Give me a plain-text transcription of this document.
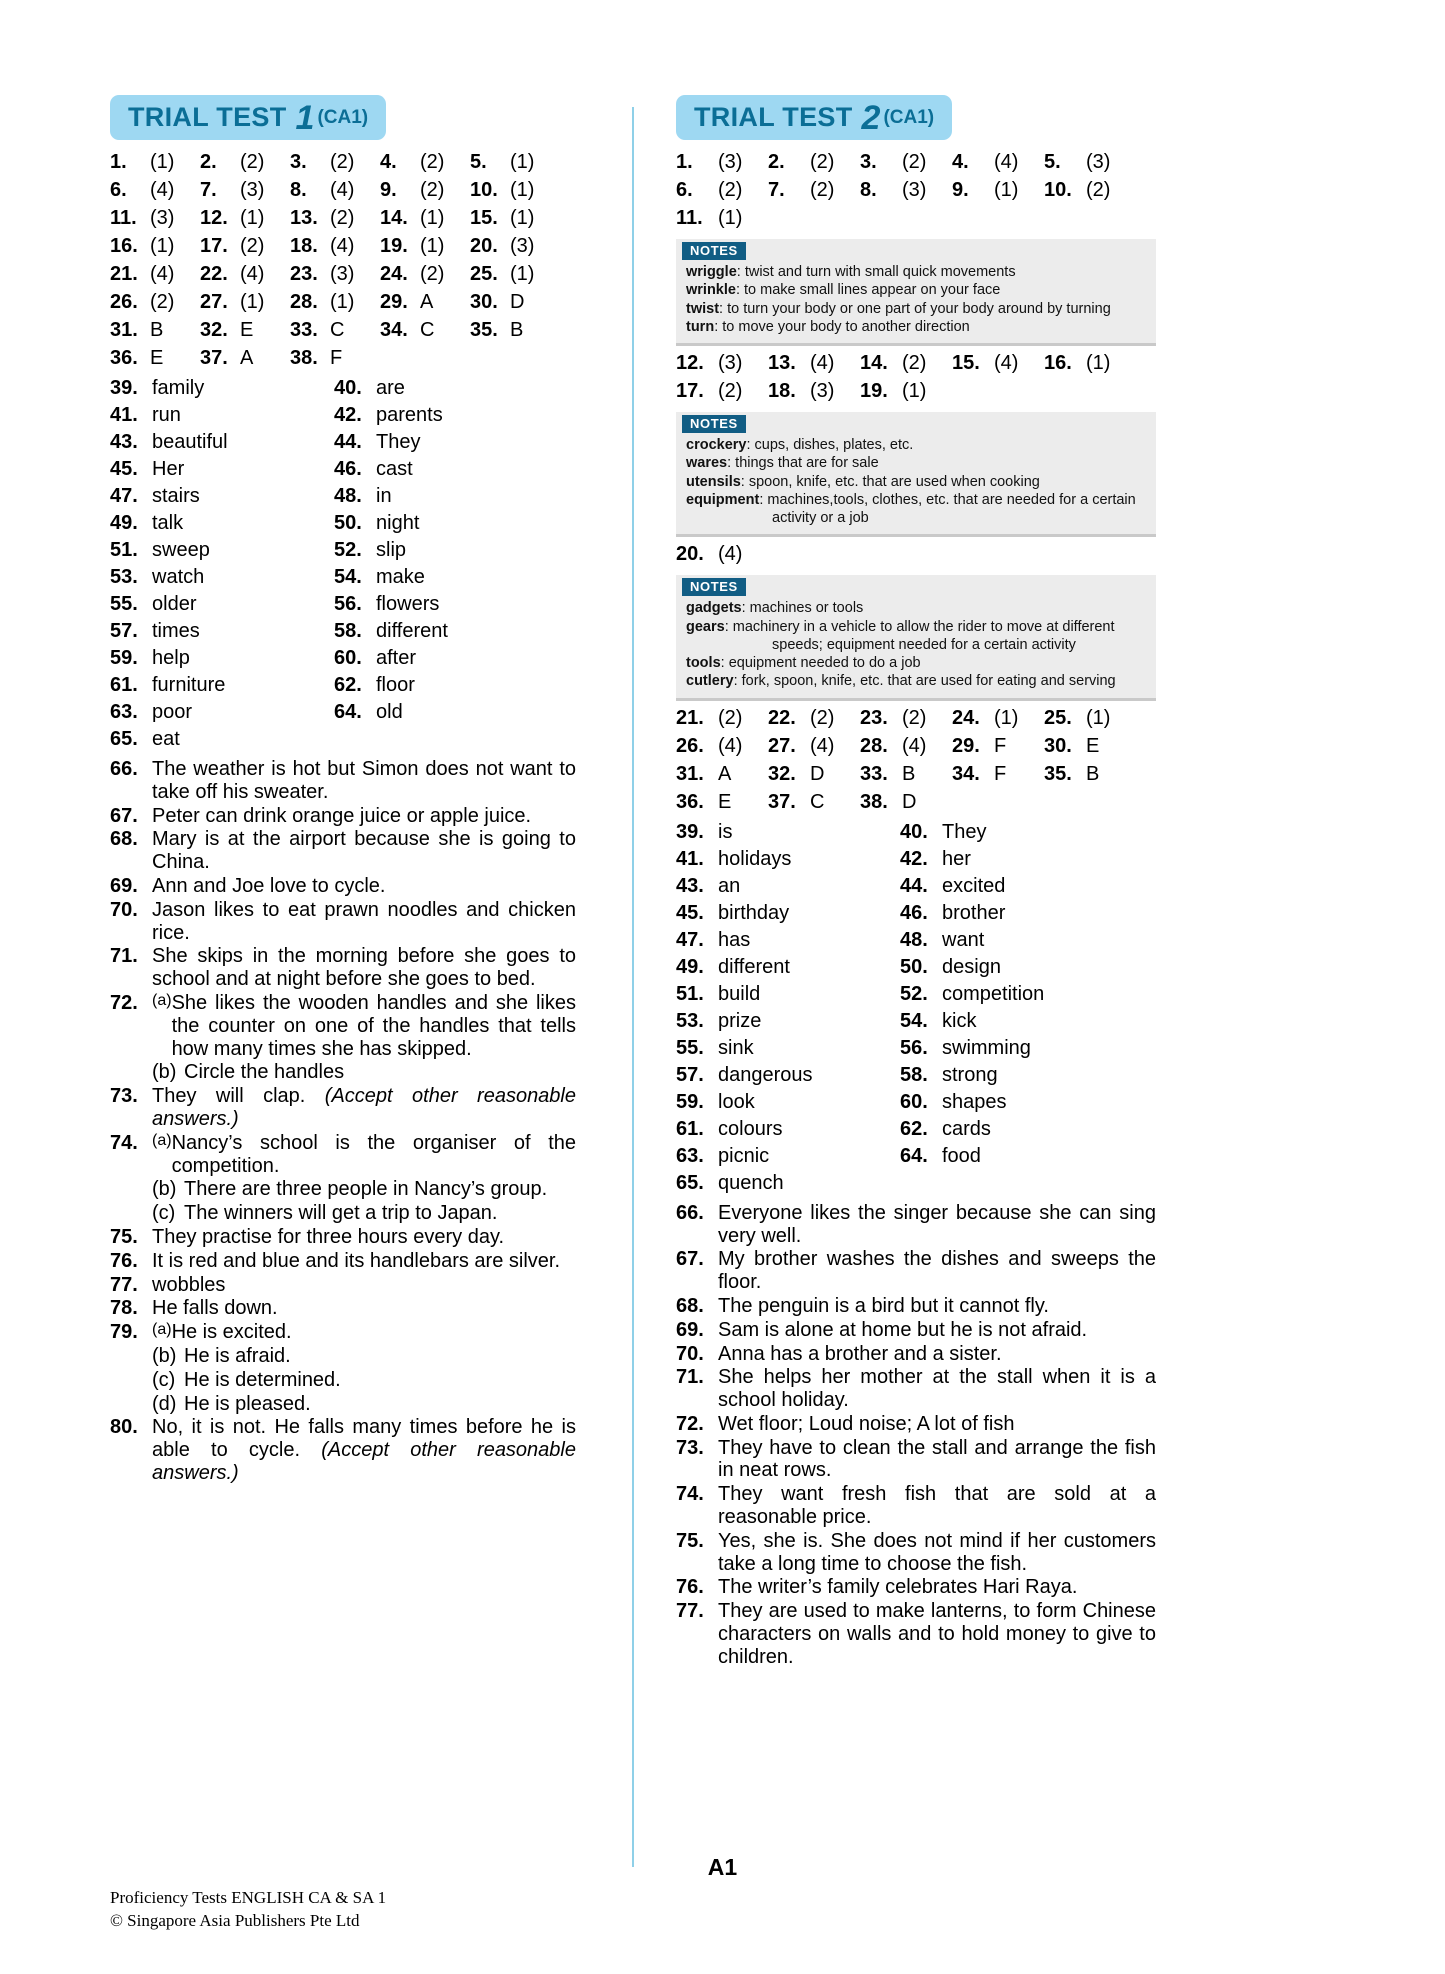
TRIAL TEST 1 (CA1)
1.	(1) 2.	(2) 3.	(2) 4.	(2) 5.	(1)
6.	(4) 7.	(3) 8.	(4) 9.	(2) 10. (1)
11. (3) 12. (1) 13. (2) 14. (1) 15. (1)
16. (1) 17. (2) 18. (4) 19. (1) 20. (3)
21. (4) 22. (4) 23. (3) 24. (2) 25. (1)
26. (2) 27. (1) 28. (1) 29. A 30. D
31. B 32. E 33. C 34. C 35. B
36. E 37. A 38. F
39. family	40. are
41. run	42. parents
43. beautiful	44. They
45. Her	46. cast
47. stairs	48. in
49. talk	50. night
51. sweep	52. slip
53. watch	54. make
55. older	56. flowers
57. times	58. different
59. help	60. after
61. furniture	62. floor
63. poor	64. old
65. eat
66. The weather is hot but Simon does not want to take off his sweater.
67. Peter can drink orange juice or apple juice.
68. Mary is at the airport because she is going to China.
69. Ann and Joe love to cycle.
70. Jason likes to eat prawn noodles and chicken rice.
71. She skips in the morning before she goes to school and at night before she goes to bed.
72. (a) She likes the wooden handles and she likes the counter on one of the handles that tells how many times she has skipped.
(b) Circle the handles
73. They will clap. (Accept other reasonable answers.)
74. (a) Nancy’s school is the organiser of the competition.
(b) There are three people in Nancy’s group.
(c) The winners will get a trip to Japan.
75. They practise for three hours every day.
76. It is red and blue and its handlebars are silver.
77. wobbles
78. He falls down.
79. (a) He is excited.
(b) He is afraid.
(c) He is determined.
(d) He is pleased.
80. No, it is not. He falls many times before he is able to cycle. (Accept other reasonable answers.)
TRIAL TEST 2 (CA1)
1.	(3) 2.	(2) 3.	(2) 4.	(4) 5.	(3)
6.	(2) 7.	(2) 8.	(3) 9.	(1) 10. (2)
11. (1)
NOTES
wriggle: twist and turn with small quick movements
wrinkle: to make small lines appear on your face
twist: to turn your body or one part of your body around by turning
turn: to move your body to another direction
12. (3) 13. (4) 14. (2) 15. (4) 16. (1)
17. (2) 18. (3) 19. (1)
NOTES
crockery: cups, dishes, plates, etc.
wares: things that are for sale
utensils: spoon, knife, etc. that are used when cooking
equipment: machines,tools, clothes, etc. that are needed for a certain
activity or a job
20. (4)
NOTES
gadgets: machines or tools
gears: machinery in a vehicle to allow the rider to move at different
speeds; equipment needed for a certain activity
tools: equipment needed to do a job
cutlery: fork, spoon, knife, etc. that are used for eating and serving
21. (2) 22. (2) 23. (2) 24. (1) 25. (1)
26. (4) 27. (4) 28. (4) 29. F 30. E
31. A 32. D 33. B 34. F 35. B
36. E 37. C 38. D
39. is	40. They
41. holidays	42. her
43. an	44. excited
45. birthday	46. brother
47. has	48. want
49. different	50. design
51. build	52. competition
53. prize	54. kick
55. sink	56. swimming
57. dangerous	58. strong
59. look	60. shapes
61. colours	62. cards
63. picnic	64. food
65. quench
66. Everyone likes the singer because she can sing very well.
67. My brother washes the dishes and sweeps the floor.
68. The penguin is a bird but it cannot fly.
69. Sam is alone at home but he is not afraid.
70. Anna has a brother and a sister.
71. She helps her mother at the stall when it is a school holiday.
72. Wet floor; Loud noise; A lot of fish
73. They have to clean the stall and arrange the fish in neat rows.
74. They want fresh fish that are sold at a reasonable price.
75. Yes, she is. She does not mind if her customers take a long time to choose the fish.
76. The writer’s family celebrates Hari Raya.
77. They are used to make lanterns, to form Chinese characters on walls and to hold money to give to children.
A1
Proficiency Tests ENGLISH CA & SA 1
© Singapore Asia Publishers Pte Ltd
